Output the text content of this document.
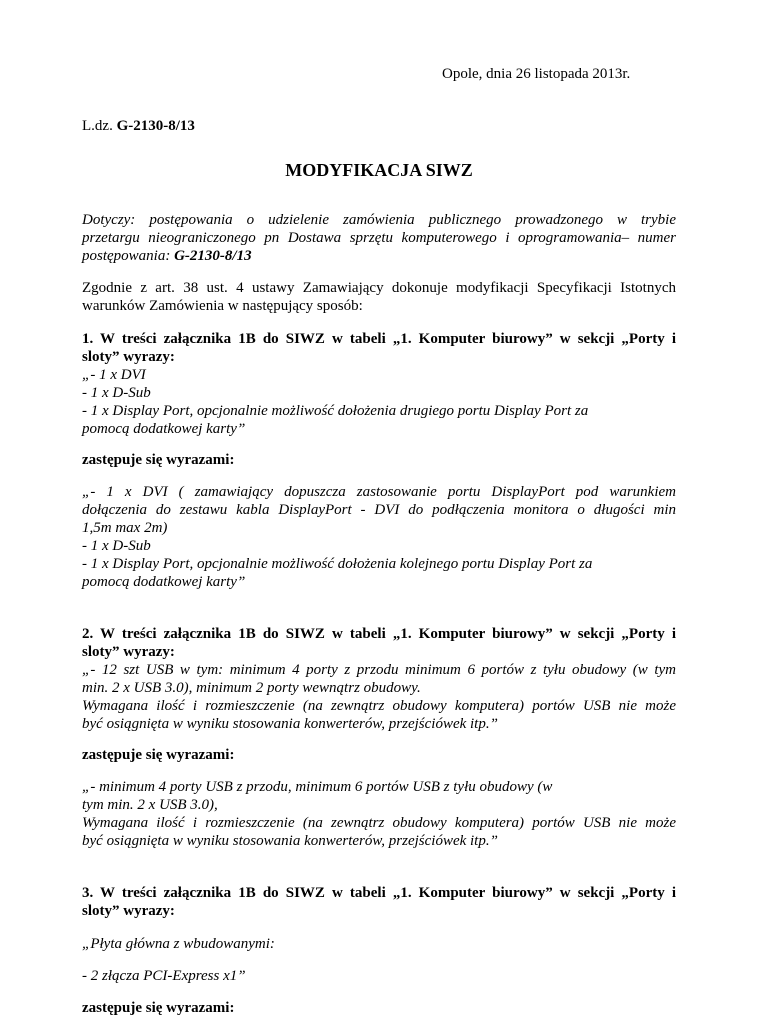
Opole, dnia 26 listopada 2013r.
L.dz. G-2130-8/13
MODYFIKACJA SIWZ
Dotyczy: postępowania o udzielenie zamówienia publicznego prowadzonego w trybie
przetargu nieograniczonego pn Dostawa sprzętu komputerowego i oprogramowania– numer
postępowania: G-2130-8/13
Zgodnie z art. 38 ust. 4 ustawy Zamawiający dokonuje modyfikacji Specyfikacji Istotnych
warunków Zamówienia w następujący sposób:
1. W treści załącznika 1B do SIWZ w tabeli „1. Komputer biurowy” w sekcji „Porty i
sloty” wyrazy:
„- 1 x DVI
- 1 x D-Sub
- 1 x Display Port, opcjonalnie możliwość dołożenia drugiego portu Display Port za
pomocą dodatkowej karty”
zastępuje się wyrazami:
„- 1 x DVI ( zamawiający dopuszcza zastosowanie portu DisplayPort pod warunkiem
dołączenia do zestawu kabla DisplayPort - DVI do podłączenia monitora o długości min
1,5m max 2m)
- 1 x D-Sub
- 1 x Display Port, opcjonalnie możliwość dołożenia kolejnego portu Display Port za
pomocą dodatkowej karty”
2. W treści załącznika 1B do SIWZ w tabeli „1. Komputer biurowy” w sekcji „Porty i
sloty” wyrazy:
„- 12 szt USB w tym: minimum 4 porty z przodu minimum 6 portów z tyłu obudowy (w tym
min. 2 x USB 3.0), minimum 2 porty wewnątrz obudowy.
Wymagana ilość i rozmieszczenie (na zewnątrz obudowy komputera) portów USB nie może
być osiągnięta w wyniku stosowania konwerterów, przejściówek itp.”
zastępuje się wyrazami:
„- minimum 4 porty USB z przodu, minimum 6 portów USB z tyłu obudowy (w
tym min. 2 x USB 3.0),
Wymagana ilość i rozmieszczenie (na zewnątrz obudowy komputera) portów USB nie może
być osiągnięta w wyniku stosowania konwerterów, przejściówek itp.”
3. W treści załącznika 1B do SIWZ w tabeli „1. Komputer biurowy” w sekcji „Porty i
sloty” wyrazy:
„Płyta główna z wbudowanymi:
- 2 złącza PCI-Express x1”
zastępuje się wyrazami:
